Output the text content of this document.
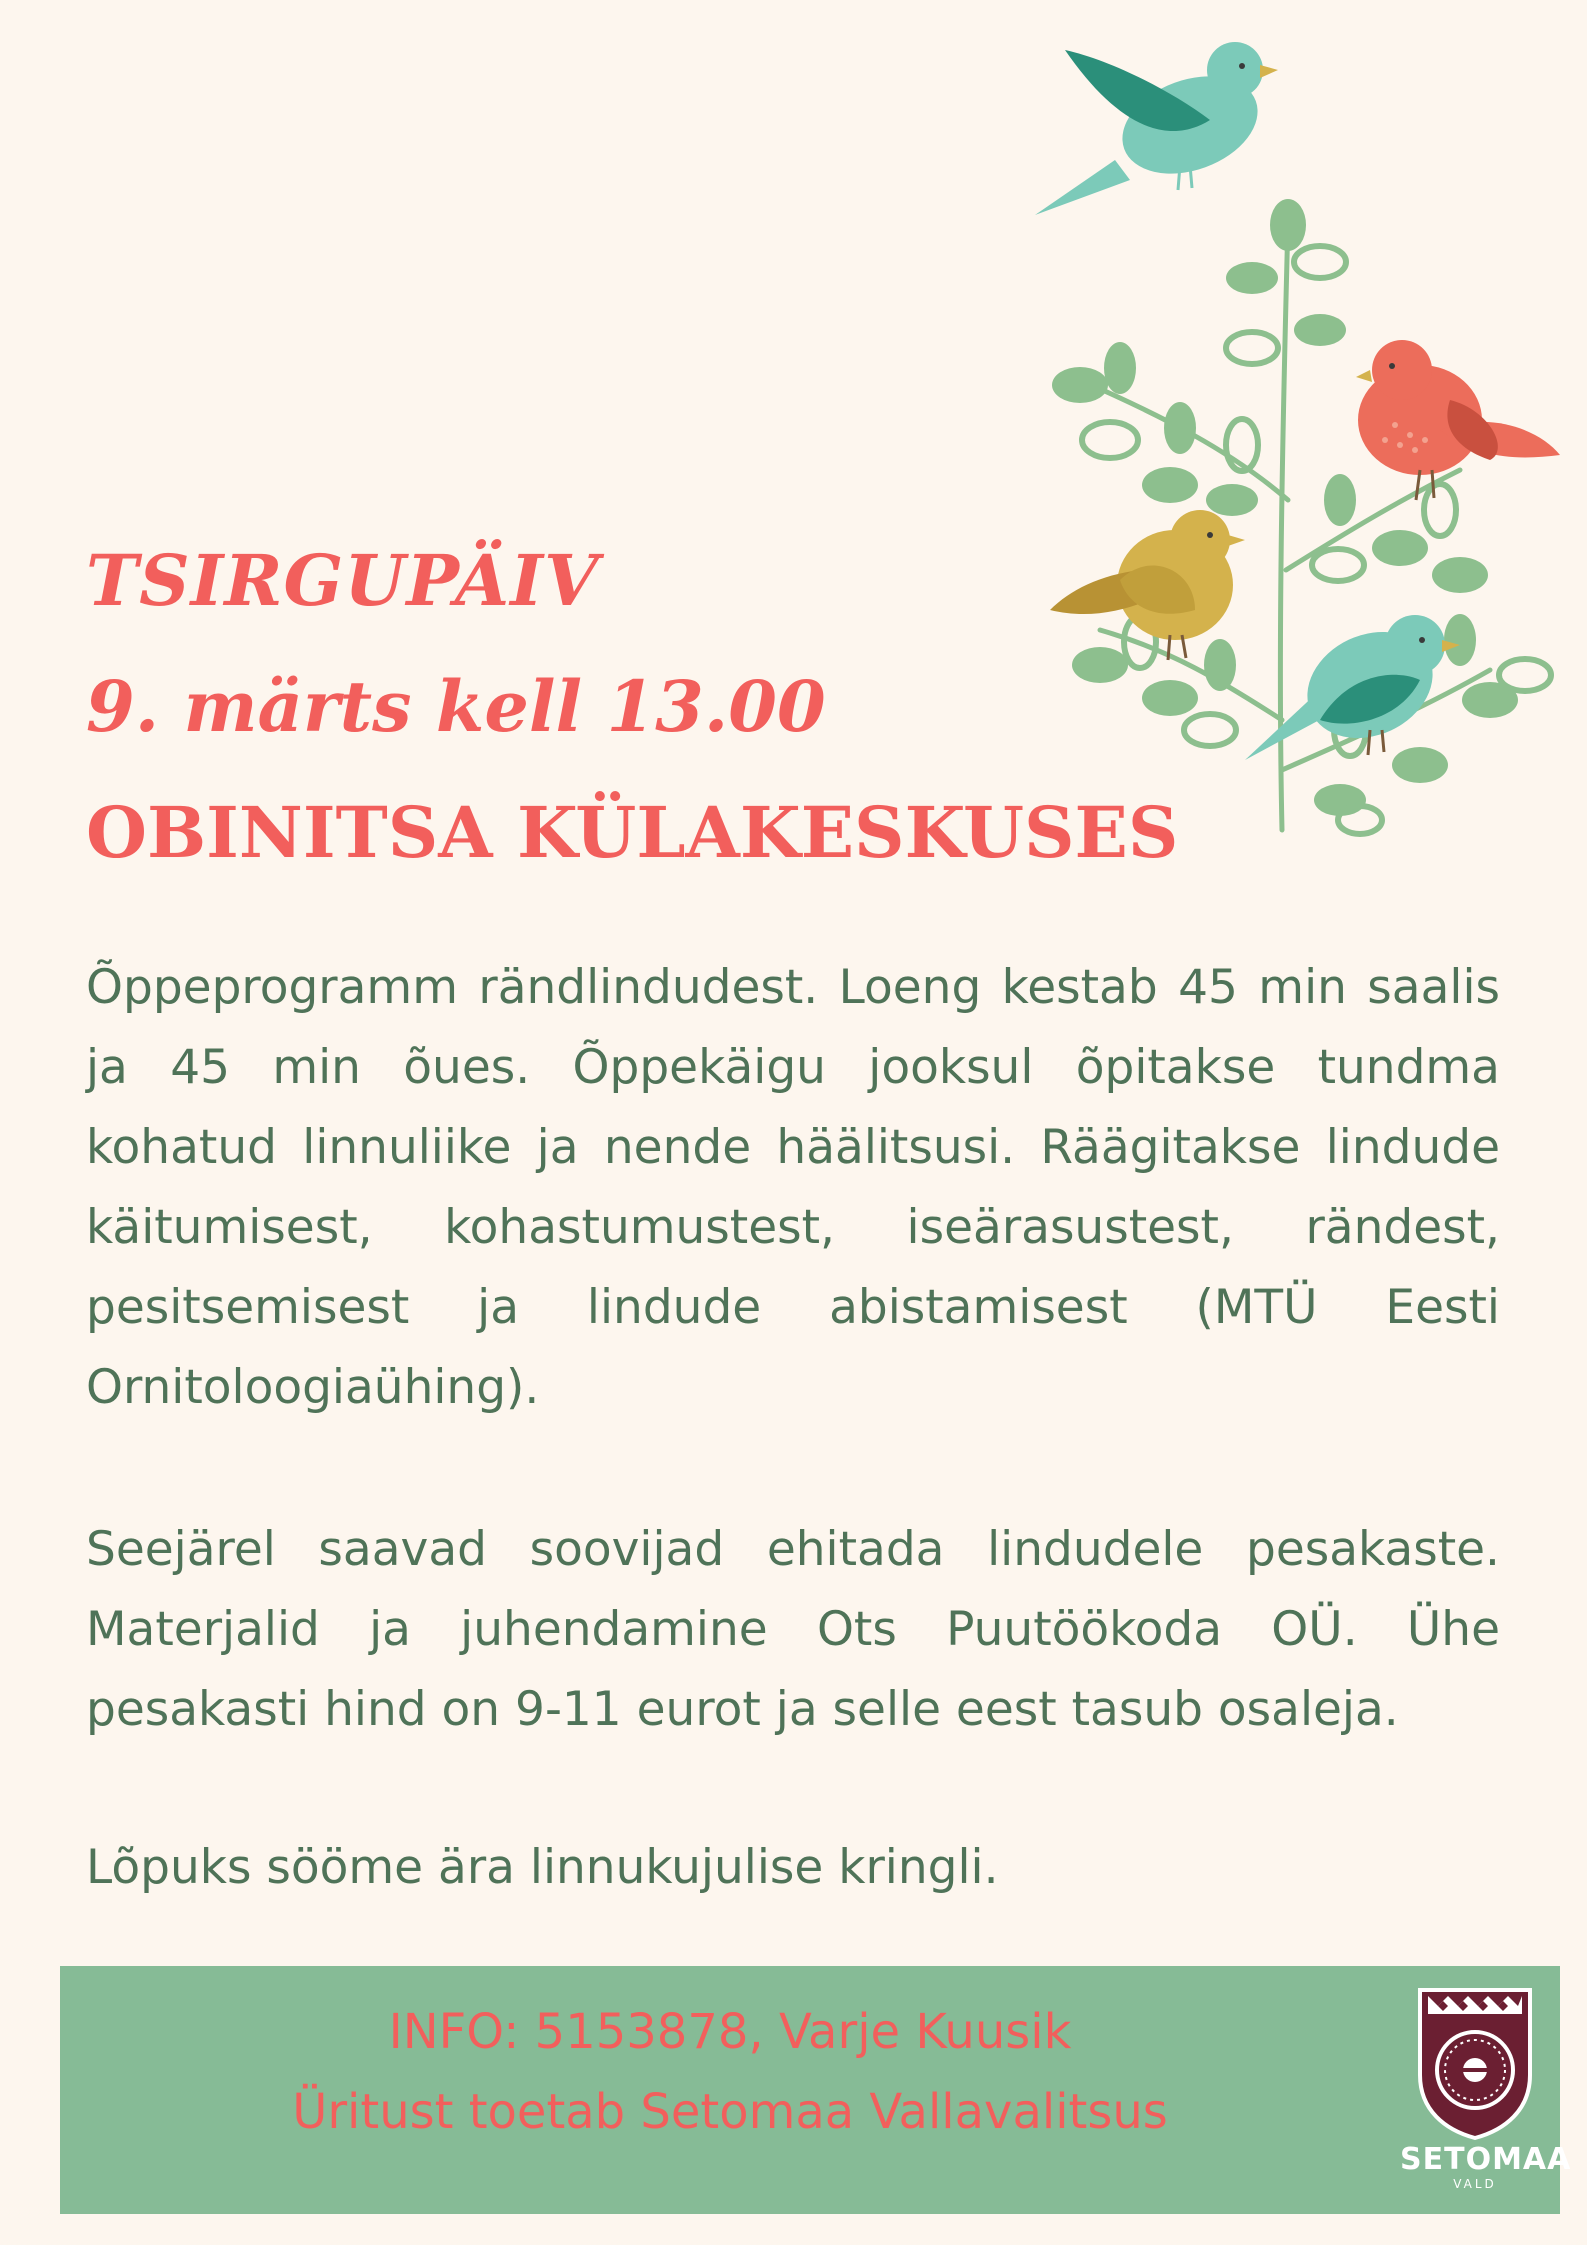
TSIRGUPÄIV
9. märts kell 13.00
OBINITSA KÜLAKESKUSES

Õppeprogramm rändlindudest. Loeng kestab 45 min saalis ja 45 min õues. Õppekäigu jooksul õpitakse tundma kohatud linnuliike ja nende häälitsusi. Räägitakse lindude käitumisest, kohastumustest, iseärasustest, rändest, pesitsemisest ja lindude abistamisest (MTÜ Eesti Ornitoloogiaühing).

Seejärel saavad soovijad ehitada lindudele pesakaste. Materjalid ja juhendamine Ots Puutöökoda OÜ. Ühe pesakasti hind on 9-11 eurot ja selle eest tasub osaleja.

Lõpuks sööme ära linnukujulise kringli.

INFO: 5153878, Varje Kuusik
Üritust toetab Setomaa Vallavalitsus
SETOMAA
VALD
